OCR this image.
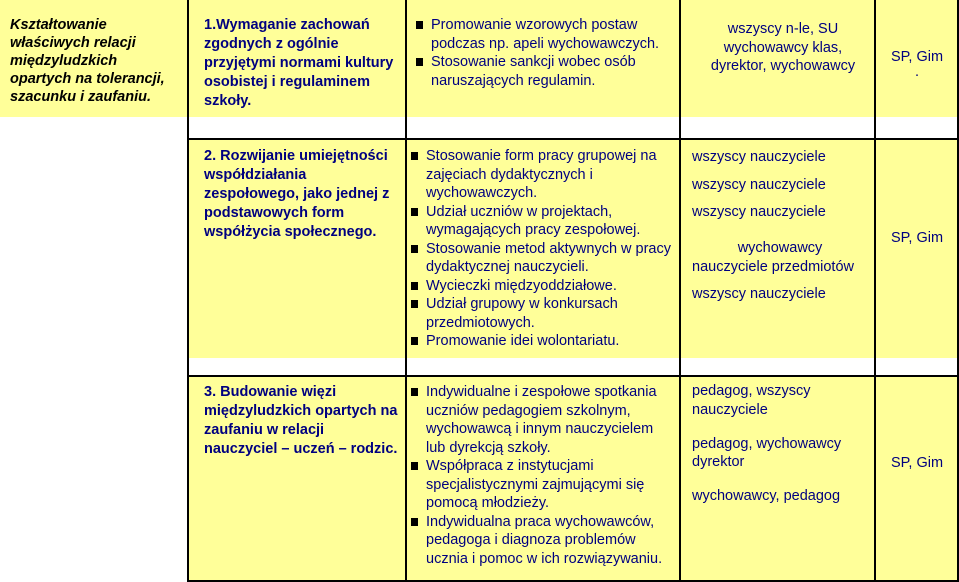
Kształtowanie właściwych relacji międzyludzkich opartych na tolerancji, szacunku i zaufaniu.
1.Wymaganie zachowań zgodnych z ogólnie przyjętymi normami kultury osobistej i regulaminem szkoły.
Promowanie wzorowych postaw podczas np. apeli wychowawczych.
Stosowanie sankcji wobec osób naruszających regulamin.
wszyscy n-le, SU
wychowawcy klas,
dyrektor, wychowawcy
SP, Gim
.
2. Rozwijanie umiejętności współdziałania zespołowego, jako jednej z podstawowych form współżycia społecznego.
Stosowanie form pracy grupowej na zajęciach dydaktycznych i wychowawczych.
Udział uczniów w projektach, wymagających pracy zespołowej.
Stosowanie metod aktywnych w pracy dydaktycznej nauczycieli.
Wycieczki międzyoddziałowe.
Udział grupowy w konkursach przedmiotowych.
Promowanie idei wolontariatu.
wszyscy nauczyciele
wszyscy nauczyciele
wszyscy nauczyciele
wychowawcy
nauczyciele przedmiotów
wszyscy nauczyciele
SP, Gim
3. Budowanie więzi międzyludzkich opartych na zaufaniu w relacji nauczyciel – uczeń – rodzic.
Indywidualne i zespołowe spotkania uczniów pedagogiem szkolnym, wychowawcą i innym nauczycielem lub dyrekcją szkoły.
Współpraca z instytucjami specjalistycznymi zajmującymi się pomocą młodzieży.
Indywidualna praca wychowawców, pedagoga i diagnoza problemów ucznia i pomoc w ich rozwiązywaniu.
pedagog, wszyscy
nauczyciele
pedagog, wychowawcy
dyrektor
wychowawcy, pedagog
SP, Gim
